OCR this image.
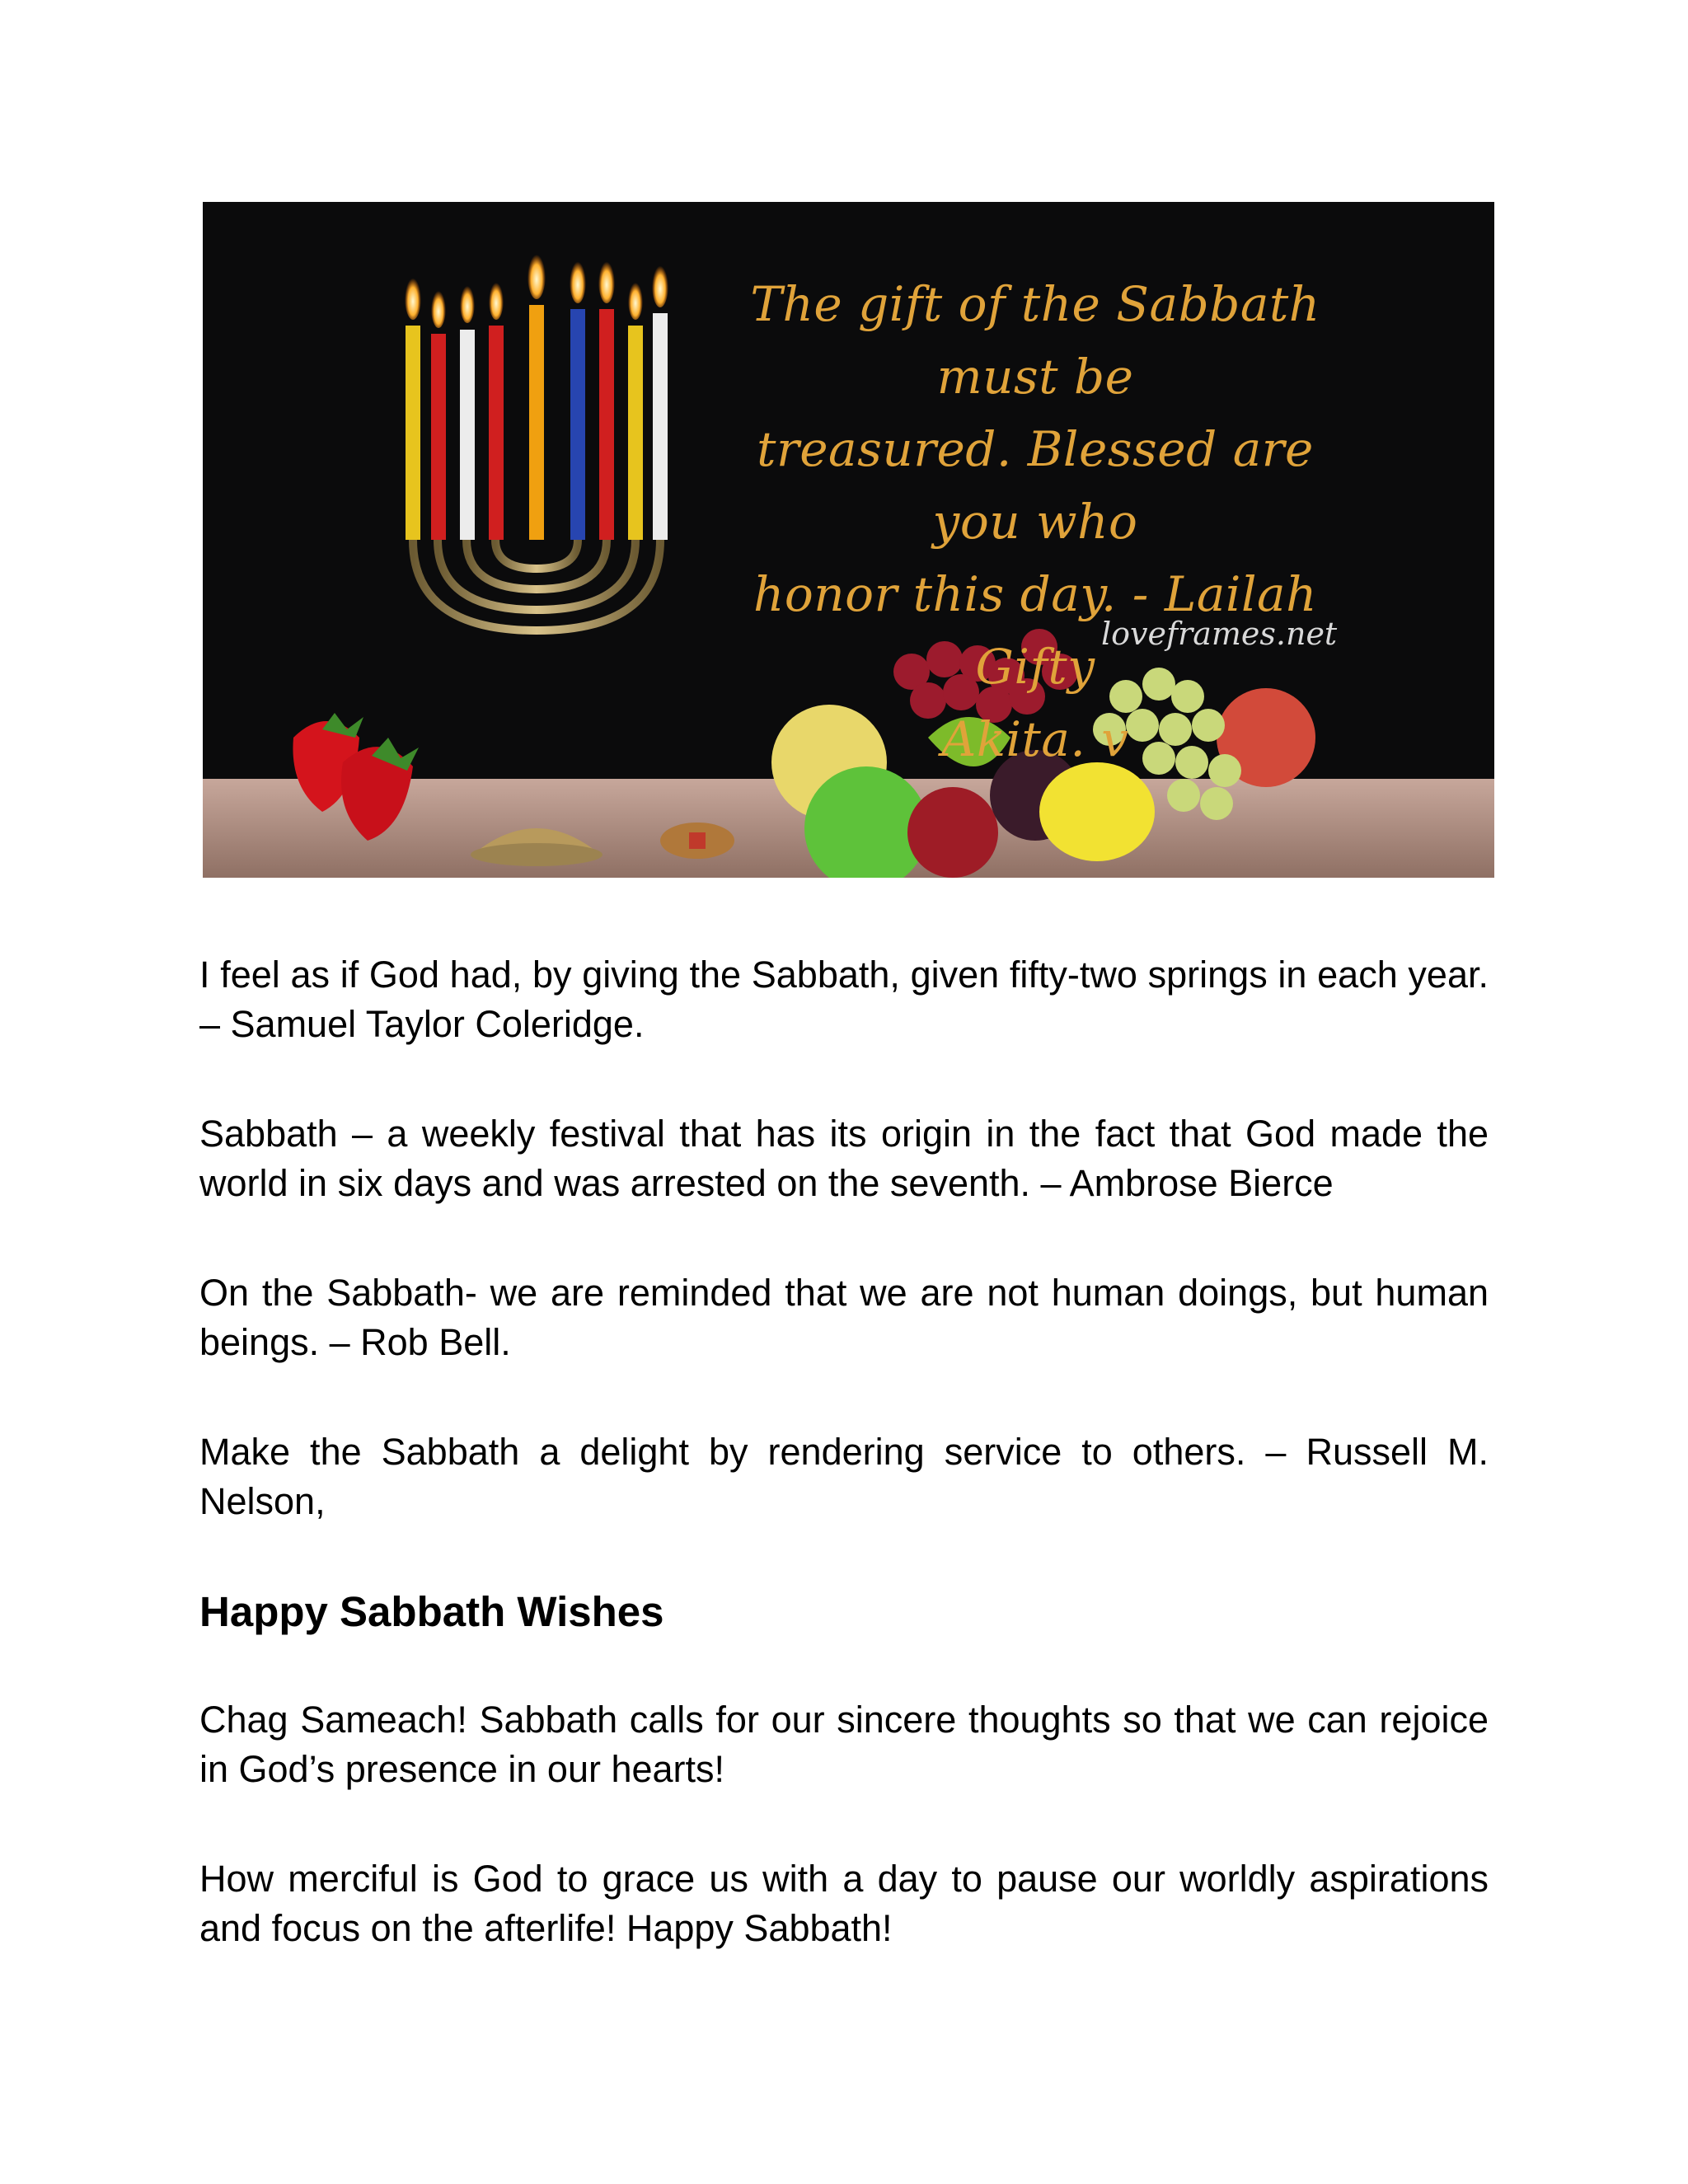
The gift of the Sabbath must be
treasured. Blessed are you who
honor this day. - Lailah Gifty
Akita. v
loveframes.net

I feel as if God had, by giving the Sabbath, given fifty-two springs in each year. – Samuel Taylor Coleridge.

Sabbath – a weekly festival that has its origin in the fact that God made the world in six days and was arrested on the seventh. – Ambrose Bierce

On the Sabbath- we are reminded that we are not human doings, but human beings. – Rob Bell.

Make the Sabbath a delight by rendering service to others. – Russell M. Nelson,

Happy Sabbath Wishes

Chag Sameach! Sabbath calls for our sincere thoughts so that we can rejoice in God’s presence in our hearts!

How merciful is God to grace us with a day to pause our worldly aspirations and focus on the afterlife! Happy Sabbath!
